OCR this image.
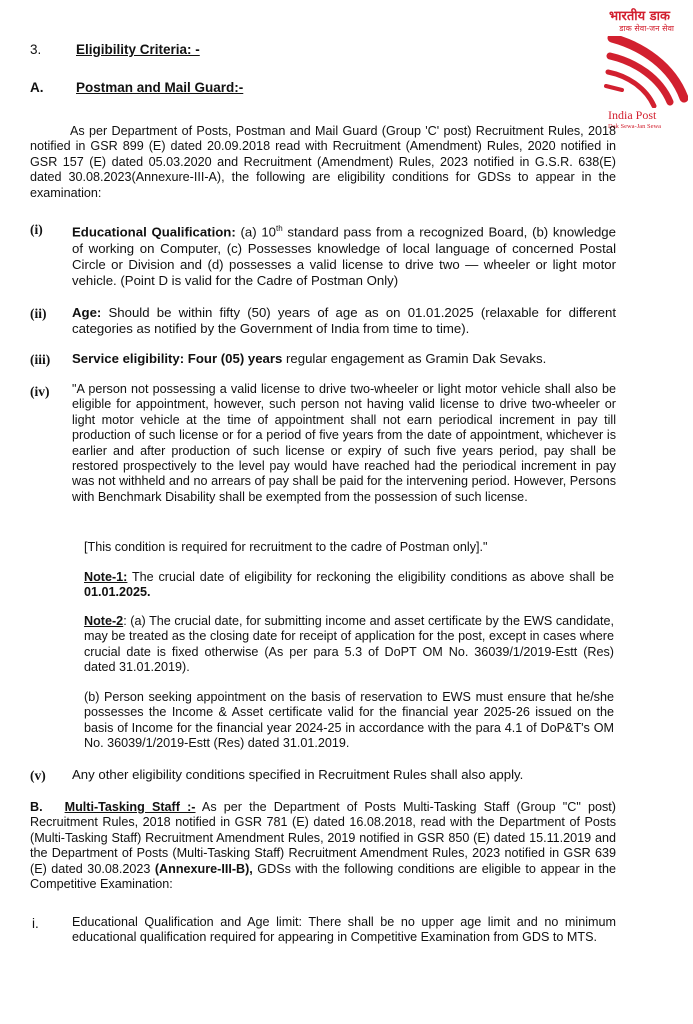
भारतीय डाक
डाक सेवा-जन सेवा
India Post
Dak Sewa-Jan Sewa
3.	Eligibility Criteria: -
A. Postman and Mail Guard:-
As per Department of Posts, Postman and Mail Guard (Group 'C' post) Recruitment Rules, 2018 notified in GSR 899 (E) dated 20.09.2018 read with Recruitment (Amendment) Rules, 2020 notified in GSR 157 (E) dated 05.03.2020 and Recruitment (Amendment) Rules, 2023 notified in G.S.R. 638(E) dated 30.08.2023(Annexure-III-A), the following are eligibility conditions for GDSs to appear in the examination:
(i) Educational Qualification: (a) 10th standard pass from a recognized Board, (b) knowledge of working on Computer, (c) Possesses knowledge of local language of concerned Postal Circle or Division and (d) possesses a valid license to drive two — wheeler or light motor vehicle. (Point D is valid for the Cadre of Postman Only)
(ii) Age: Should be within fifty (50) years of age as on 01.01.2025 (relaxable for different categories as notified by the Government of India from time to time).
(iii) Service eligibility: Four (05) years regular engagement as Gramin Dak Sevaks.
(iv) "A person not possessing a valid license to drive two-wheeler or light motor vehicle shall also be eligible for appointment, however, such person not having valid license to drive two-wheeler or light motor vehicle at the time of appointment shall not earn periodical increment in pay till production of such license or for a period of five years from the date of appointment, whichever is earlier and after production of such license or expiry of such five years period, pay shall be restored prospectively to the level pay would have reached had the periodical increment in pay was not withheld and no arrears of pay shall be paid for the intervening period. However, Persons with Benchmark Disability shall be exempted from the possession of such license.
[This condition is required for recruitment to the cadre of Postman only]."
Note-1: The crucial date of eligibility for reckoning the eligibility conditions as above shall be 01.01.2025.
Note-2: (a) The crucial date, for submitting income and asset certificate by the EWS candidate, may be treated as the closing date for receipt of application for the post, except in cases where crucial date is fixed otherwise (As per para 5.3 of DoPT OM No. 36039/1/2019-Estt (Res) dated 31.01.2019).
(b) Person seeking appointment on the basis of reservation to EWS must ensure that he/she possesses the Income & Asset certificate valid for the financial year 2025-26 issued on the basis of Income for the financial year 2024-25 in accordance with the para 4.1 of DoP&T's OM No. 36039/1/2019-Estt (Res) dated 31.01.2019.
(v) Any other eligibility conditions specified in Recruitment Rules shall also apply.
B. Multi-Tasking Staff :- As per the Department of Posts Multi-Tasking Staff (Group "C" post) Recruitment Rules, 2018 notified in GSR 781 (E) dated 16.08.2018, read with the Department of Posts (Multi-Tasking Staff) Recruitment Amendment Rules, 2019 notified in GSR 850 (E) dated 15.11.2019 and the Department of Posts (Multi-Tasking Staff) Recruitment Amendment Rules, 2023 notified in GSR 639 (E) dated 30.08.2023 (Annexure-III-B), GDSs with the following conditions are eligible to appear in the Competitive Examination:
i.	Educational Qualification and Age limit: There shall be no upper age limit and no minimum educational qualification required for appearing in Competitive Examination from GDS to MTS.
